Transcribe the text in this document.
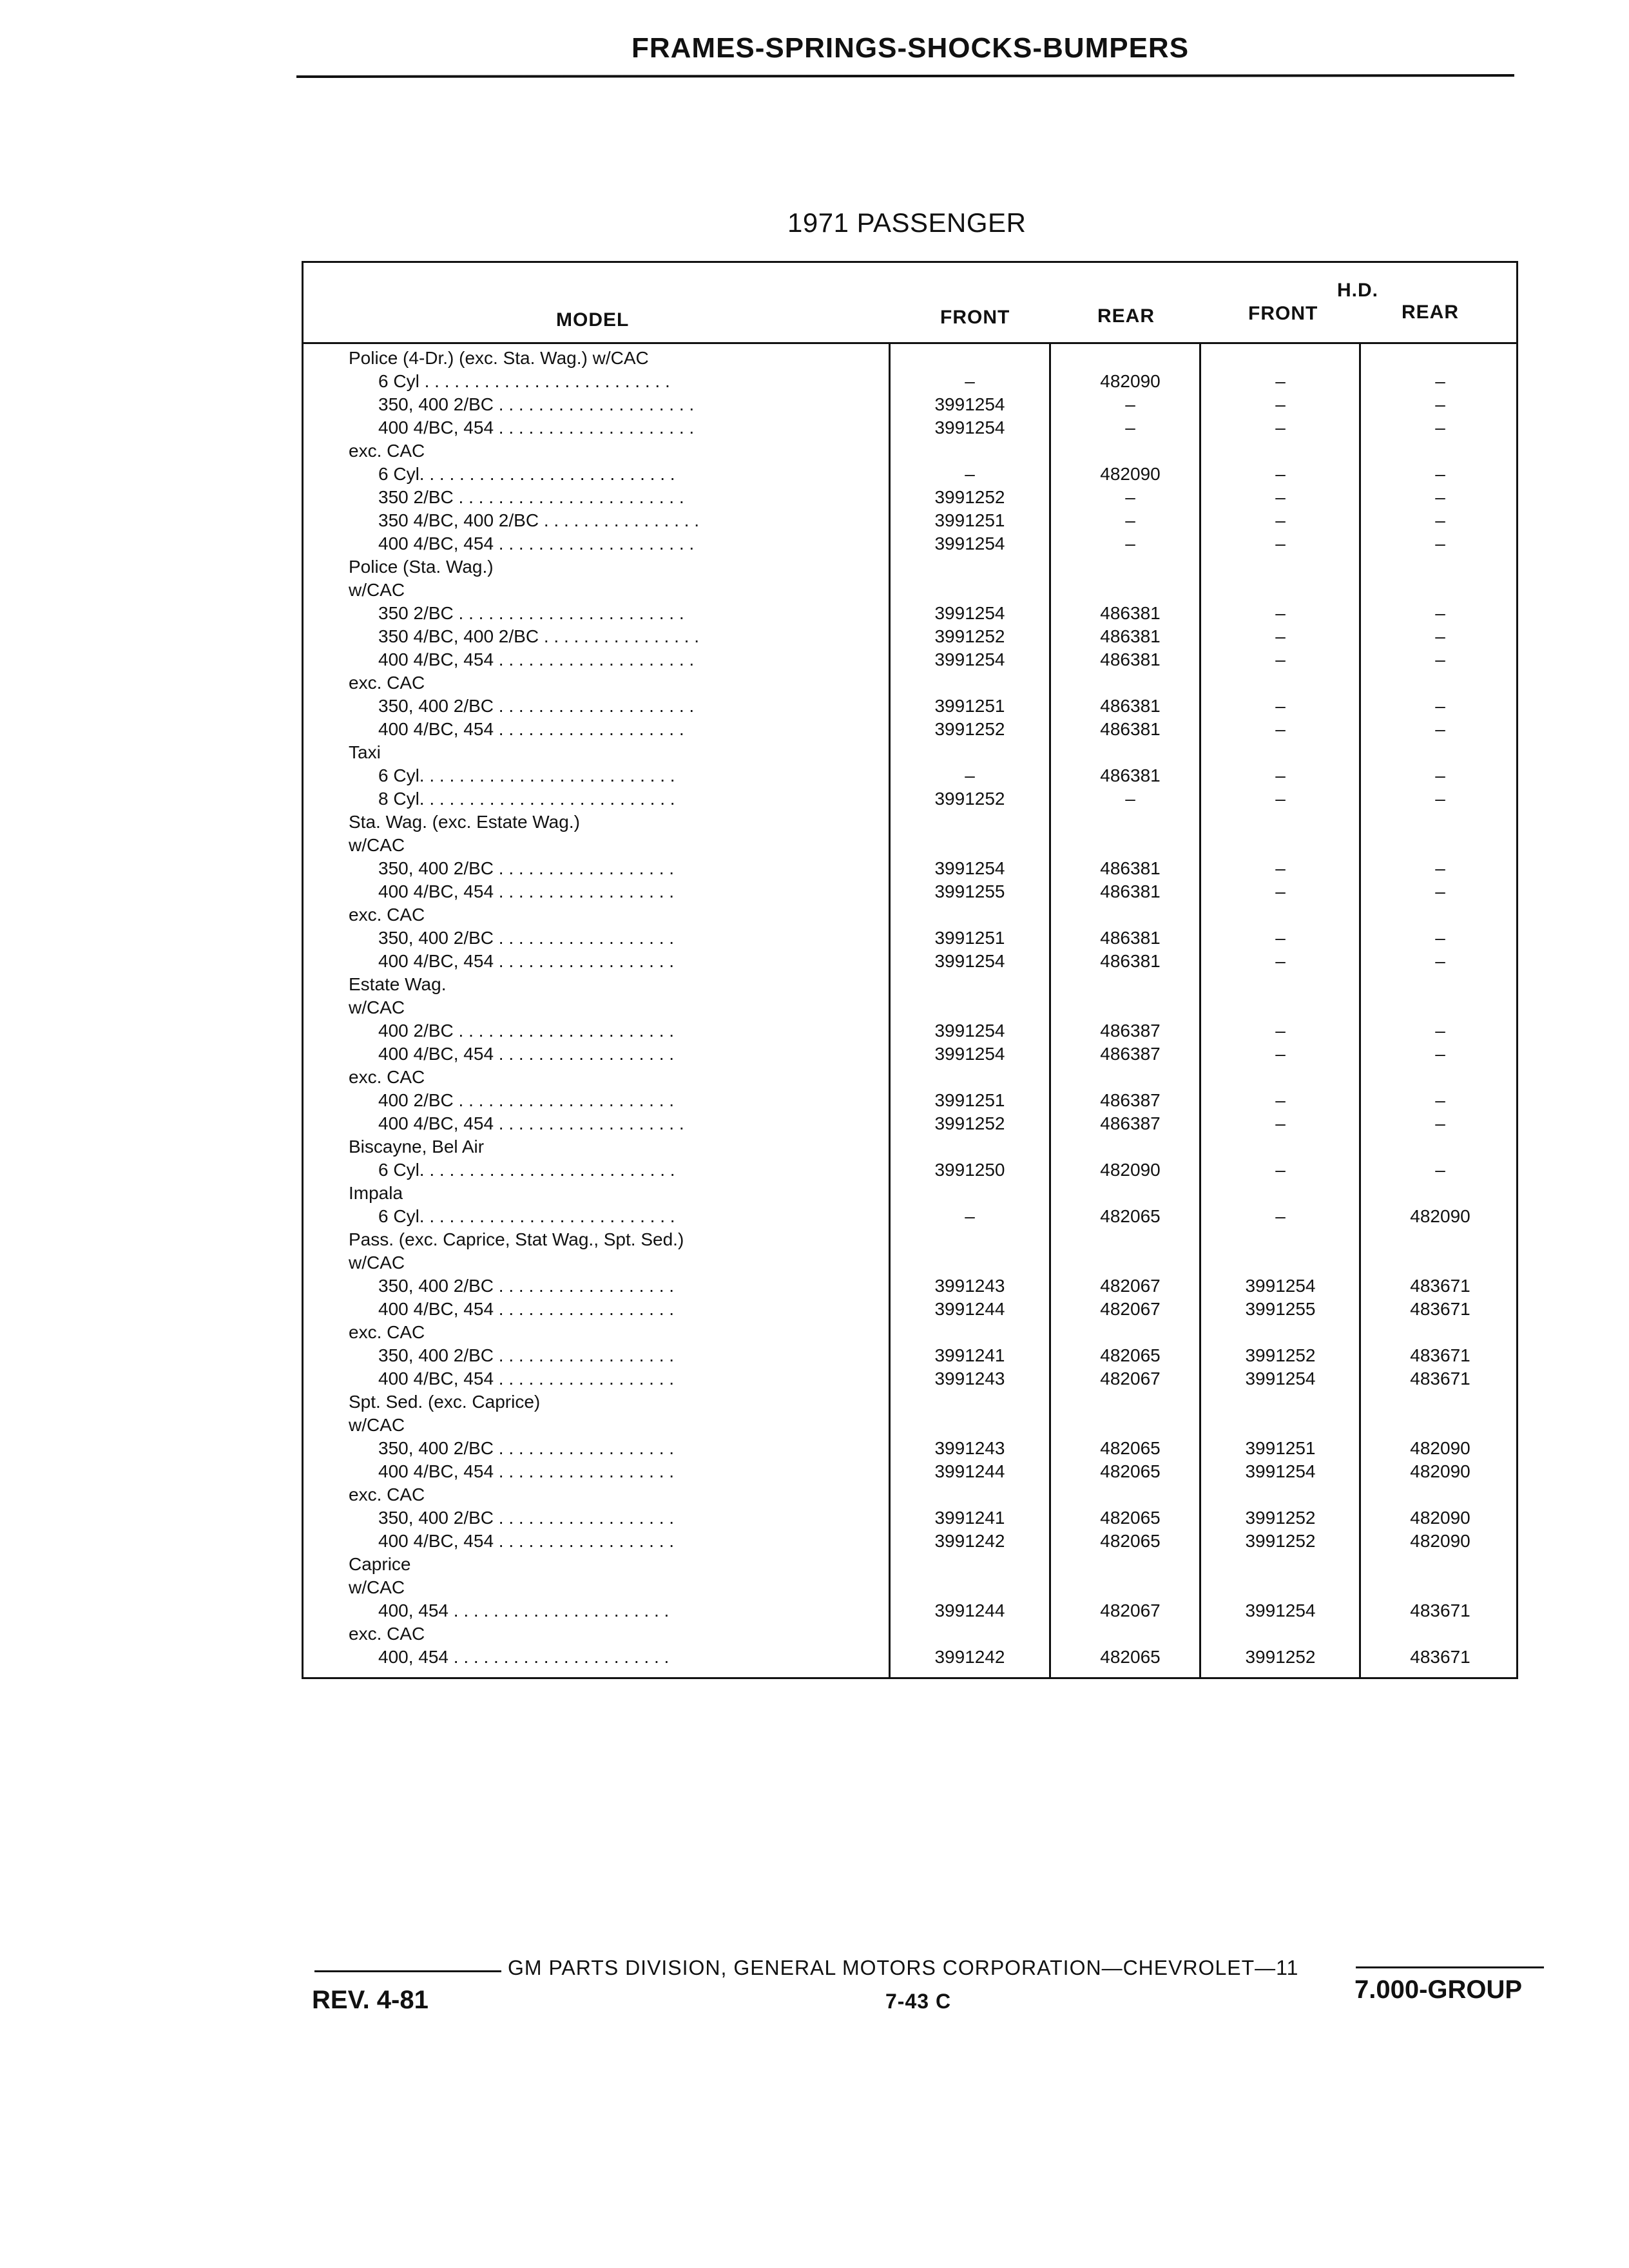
FRAMES-SPRINGS-SHOCKS-BUMPERS
1971 PASSENGER
MODEL	FRONT	REAR
H.D.
FRONT	REAR
Police (4-Dr.) (exc. Sta. Wag.) w/CAC
6 Cyl . . . . . . . . . . . . . . . . . . . . . . . . .	–	482090	–	–
350, 400 2/BC . . . . . . . . . . . . . . . . . . . .	3991254	–	–	–
400 4/BC, 454 . . . . . . . . . . . . . . . . . . . .	3991254	–	–	–
exc. CAC
6 Cyl. . . . . . . . . . . . . . . . . . . . . . . . . .	–	482090	–	–
350 2/BC . . . . . . . . . . . . . . . . . . . . . . .	3991252	–	–	–
350 4/BC, 400 2/BC . . . . . . . . . . . . . . . .	3991251	–	–	–
400 4/BC, 454 . . . . . . . . . . . . . . . . . . . .	3991254	–	–	–
Police (Sta. Wag.)
w/CAC
350 2/BC . . . . . . . . . . . . . . . . . . . . . . .	3991254	486381	–	–
350 4/BC, 400 2/BC . . . . . . . . . . . . . . . .	3991252	486381	–	–
400 4/BC, 454 . . . . . . . . . . . . . . . . . . . .	3991254	486381	–	–
exc. CAC
350, 400 2/BC . . . . . . . . . . . . . . . . . . . .	3991251	486381	–	–
400 4/BC, 454 . . . . . . . . . . . . . . . . . . .	3991252	486381	–	–
Taxi
6 Cyl. . . . . . . . . . . . . . . . . . . . . . . . . .	–	486381	–	–
8 Cyl. . . . . . . . . . . . . . . . . . . . . . . . . .	3991252	–	–	–
Sta. Wag. (exc. Estate Wag.)
w/CAC
350, 400 2/BC . . . . . . . . . . . . . . . . . .	3991254	486381	–	–
400 4/BC, 454 . . . . . . . . . . . . . . . . . .	3991255	486381	–	–
exc. CAC
350, 400 2/BC . . . . . . . . . . . . . . . . . .	3991251	486381	–	–
400 4/BC, 454 . . . . . . . . . . . . . . . . . .	3991254	486381	–	–
Estate Wag.
w/CAC
400 2/BC . . . . . . . . . . . . . . . . . . . . . .	3991254	486387	–	–
400 4/BC, 454 . . . . . . . . . . . . . . . . . .	3991254	486387	–	–
exc. CAC
400 2/BC . . . . . . . . . . . . . . . . . . . . . .	3991251	486387	–	–
400 4/BC, 454 . . . . . . . . . . . . . . . . . . .	3991252	486387	–	–
Biscayne, Bel Air
6 Cyl. . . . . . . . . . . . . . . . . . . . . . . . . .	3991250	482090	–	–
Impala
6 Cyl. . . . . . . . . . . . . . . . . . . . . . . . . .	–	482065	–	482090
Pass. (exc. Caprice, Stat Wag., Spt. Sed.)
w/CAC
350, 400 2/BC . . . . . . . . . . . . . . . . . .	3991243	482067	3991254	483671
400 4/BC, 454 . . . . . . . . . . . . . . . . . .	3991244	482067	3991255	483671
exc. CAC
350, 400 2/BC . . . . . . . . . . . . . . . . . .	3991241	482065	3991252	483671
400 4/BC, 454 . . . . . . . . . . . . . . . . . .	3991243	482067	3991254	483671
Spt. Sed. (exc. Caprice)
w/CAC
350, 400 2/BC . . . . . . . . . . . . . . . . . .	3991243	482065	3991251	482090
400 4/BC, 454 . . . . . . . . . . . . . . . . . .	3991244	482065	3991254	482090
exc. CAC
350, 400 2/BC . . . . . . . . . . . . . . . . . .	3991241	482065	3991252	482090
400 4/BC, 454 . . . . . . . . . . . . . . . . . .	3991242	482065	3991252	482090
Caprice
w/CAC
400, 454 . . . . . . . . . . . . . . . . . . . . . .	3991244	482067	3991254	483671
exc. CAC
400, 454 . . . . . . . . . . . . . . . . . . . . . .	3991242	482065	3991252	483671
GM PARTS DIVISION, GENERAL MOTORS CORPORATION—CHEVROLET—11
REV. 4-81	7-43 C	7.000-GROUP
